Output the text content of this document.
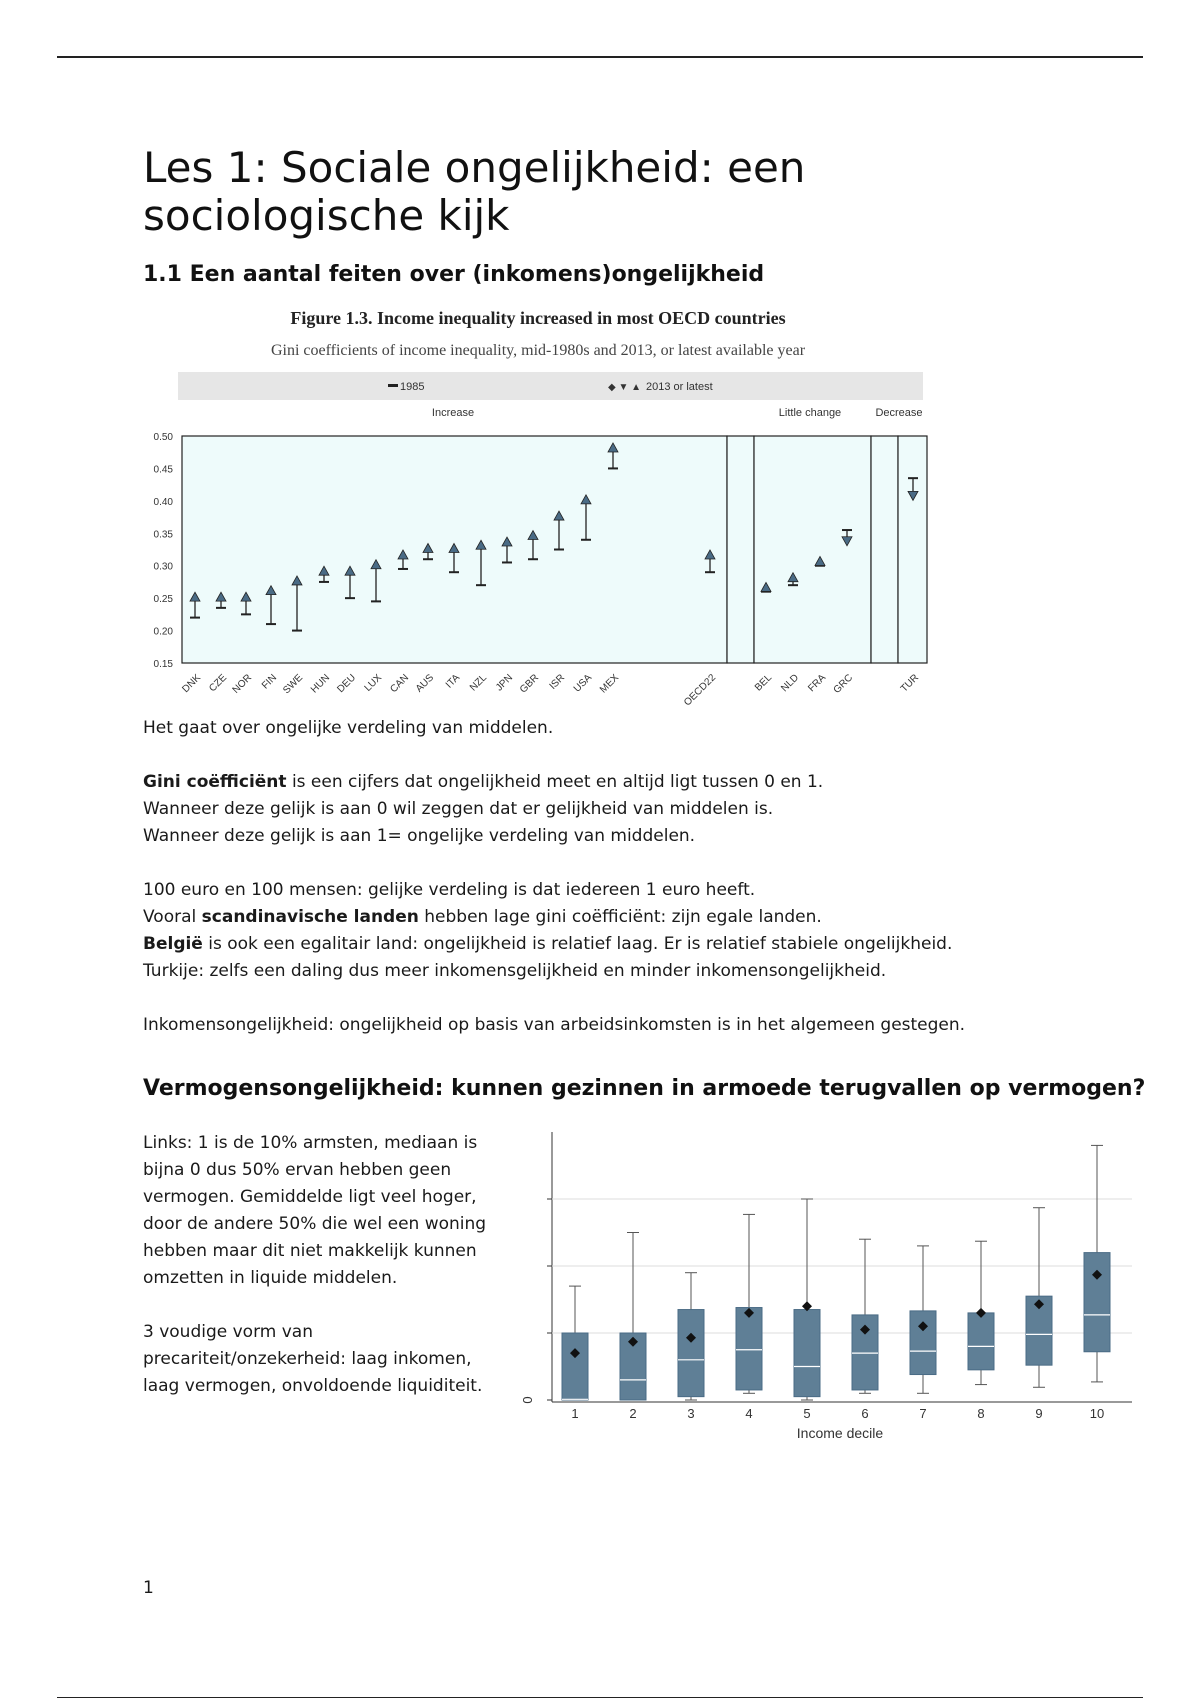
Les 1: Sociale ongelijkheid: een sociologische kijk
1.1 Een aantal feiten over (inkomens)ongelijkheid
Figure 1.3. Income inequality increased in most OECD countries
Gini coefficients of income inequality, mid-1980s and 2013, or latest available year
1985	◆ ▼ ▲ 2013 or latest
Increase	Little change	Decrease
0.50
0.45
0.40
0.35
0.30
0.25
0.20
0.15
DNK CZE NOR FIN SWE HUN DEU LUX CAN AUS ITA NZL JPN GBR ISR USA MEX	OECD22	BEL NLD FRA GRC	TUR

Het gaat over ongelijke verdeling van middelen.

Gini coëfficiënt is een cijfers dat ongelijkheid meet en altijd ligt tussen 0 en 1.

Wanneer deze gelijk is aan 0 wil zeggen dat er gelijkheid van middelen is.

Wanneer deze gelijk is aan 1= ongelijke verdeling van middelen.

100 euro en 100 mensen: gelijke verdeling is dat iedereen 1 euro heeft.

Vooral scandinavische landen hebben lage gini coëfficiënt: zijn egale landen.

België is ook een egalitair land: ongelijkheid is relatief laag. Er is relatief stabiele ongelijkheid.

Turkije: zelfs een daling dus meer inkomensgelijkheid en minder inkomensongelijkheid.

Inkomensongelijkheid: ongelijkheid op basis van arbeidsinkomsten is in het algemeen gestegen.

Vermogensongelijkheid: kunnen gezinnen in armoede terugvallen op vermogen?

Links: 1 is de 10% armsten, mediaan is bijna 0 dus 50% ervan hebben geen vermogen. Gemiddelde ligt veel hoger, door de andere 50% die wel een woning hebben maar dit niet makkelijk kunnen omzetten in liquide middelen.

3 voudige vorm van precariteit/onzekerheid: laag inkomen, laag vermogen, onvoldoende liquiditeit.

1	2	3	4	5	6	7	8	9	10
0
Income decile
1
